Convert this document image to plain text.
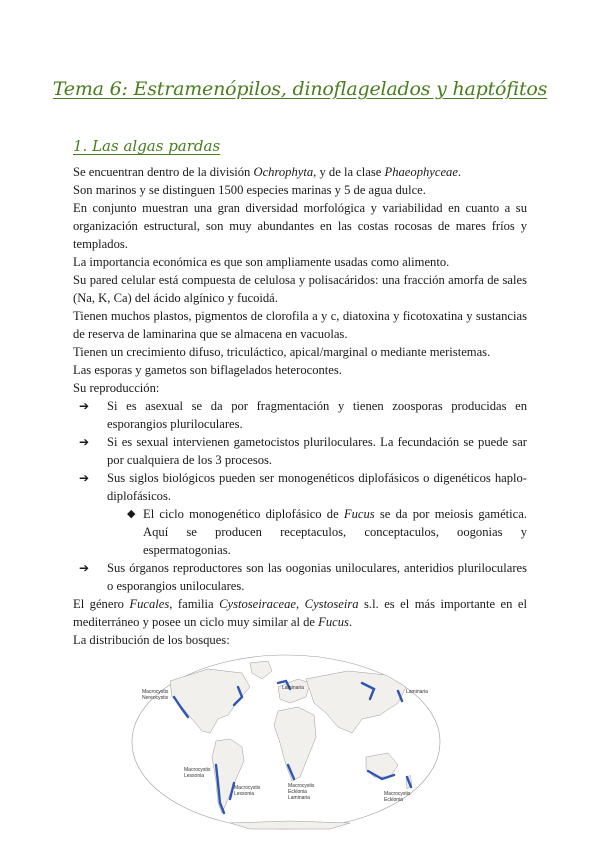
Tema 6: Estramenópilos, dinoflagelados y haptófitos
1. Las algas pardas

Se encuentran dentro de la división Ochrophyta, y de la clase Phaeophyceae.

Son marinos y se distinguen 1500 especies marinas y 5 de agua dulce.

En conjunto muestran una gran diversidad morfológica y variabilidad en cuanto a su organización estructural, son muy abundantes en las costas rocosas de mares fríos y templados.

La importancia económica es que son ampliamente usadas como alimento.

Su pared celular está compuesta de celulosa y polisacáridos: una fracción amorfa de sales (Na, K, Ca) del ácido algínico y fucoidá.

Tienen muchos plastos, pigmentos de clorofila a y c, diatoxina y ficotoxatina y sustancias de reserva de laminarina que se almacena en vacuolas.

Tienen un crecimiento difuso, triculáctico, apical/marginal o mediante meristemas.

Las esporas y gametos son biflagelados heterocontes.

Su reproducción:

➔ Si es asexual se da por fragmentación y tienen zoosporas producidas en esporangios pluriloculares.
➔ Si es sexual intervienen gametocistos pluriloculares. La fecundación se puede sar por cualquiera de los 3 procesos.
➔ Sus siglos biológicos pueden ser monogenéticos diplofásicos o digenéticos haplo-diplofásicos.
◆ El ciclo monogenético diplofásico de Fucus se da por meiosis gamética. Aquí se producen receptaculos, conceptaculos, oogonias y espermatogonias.
➔ Sus órganos reproductores son las oogonias uniloculares, anteridios pluriloculares o esporangios uniloculares.

El género Fucales, familia Cystoseiraceae, Cystoseira s.l. es el más importante en el mediterráneo y posee un ciclo muy similar al de Fucus.

La distribución de los bosques:

Macrocystis
Nereocystis
Laminaria
Laminaria
Macrocystis
Lessonia
Macrocystis
Lessonia
Macrocystis
Ecklonia
Laminaria
Macrocystis
Ecklonia
